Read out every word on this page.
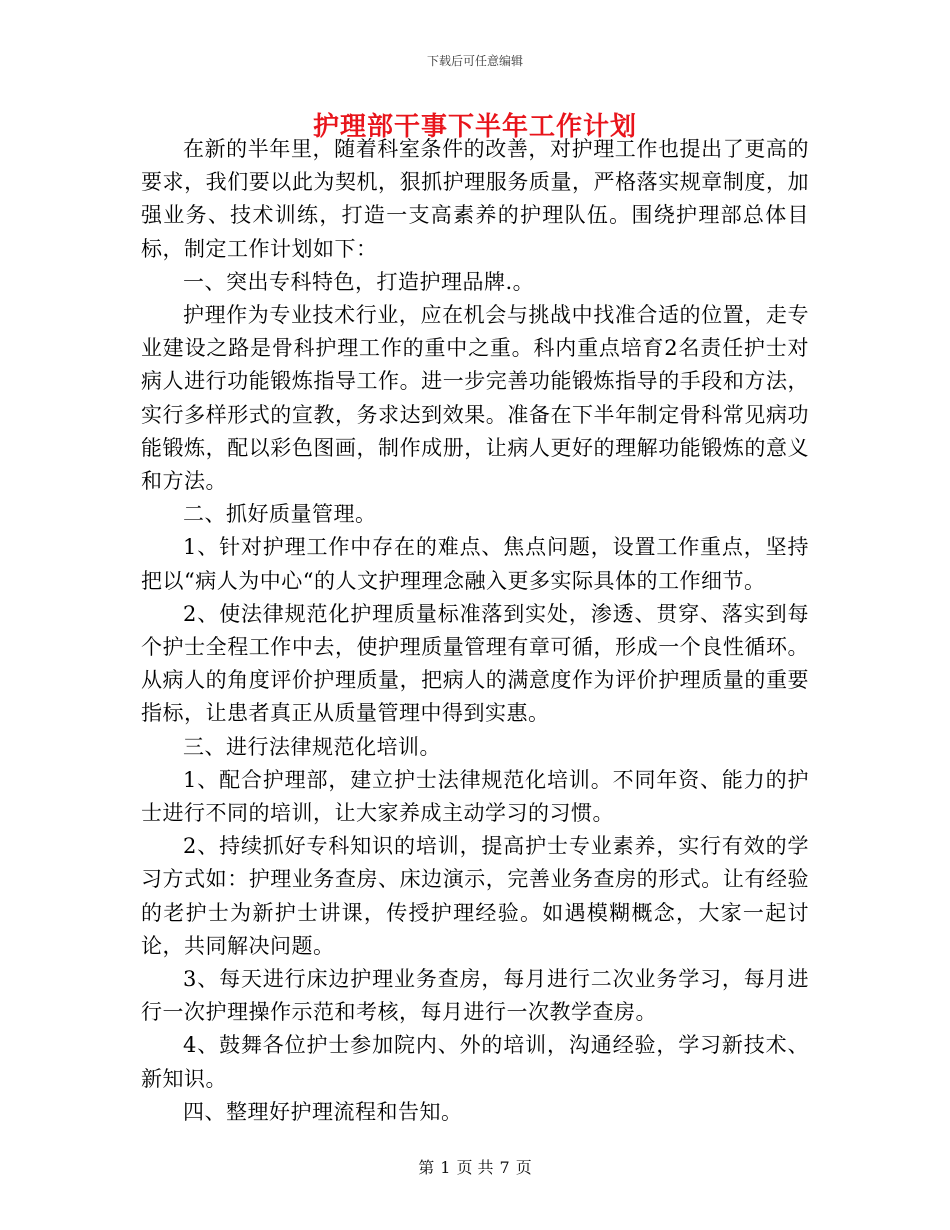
下载后可任意编辑
护理部干事下半年工作计划

在新的半年里，随着科室条件的改善，对护理工作也提出了更高的要求，我们要以此为契机，狠抓护理服务质量，严格落实规章制度，加强业务、技术训练，打造一支高素养的护理队伍。围绕护理部总体目标，制定工作计划如下：

一、突出专科特色，打造护理品牌.。

护理作为专业技术行业，应在机会与挑战中找准合适的位置，走专业建设之路是骨科护理工作的重中之重。科内重点培育2名责任护士对病人进行功能锻炼指导工作。进一步完善功能锻炼指导的手段和方法，实行多样形式的宣教，务求达到效果。准备在下半年制定骨科常见病功能锻炼，配以彩色图画，制作成册，让病人更好的理解功能锻炼的意义和方法。

二、抓好质量管理。

1、针对护理工作中存在的难点、焦点问题，设置工作重点，坚持把以“病人为中心“的人文护理理念融入更多实际具体的工作细节。

2、使法律规范化护理质量标准落到实处，渗透、贯穿、落实到每个护士全程工作中去，使护理质量管理有章可循，形成一个良性循环。从病人的角度评价护理质量，把病人的满意度作为评价护理质量的重要指标，让患者真正从质量管理中得到实惠。

三、进行法律规范化培训。

1、配合护理部，建立护士法律规范化培训。不同年资、能力的护士进行不同的培训，让大家养成主动学习的习惯。

2、持续抓好专科知识的培训，提高护士专业素养，实行有效的学习方式如：护理业务查房、床边演示，完善业务查房的形式。让有经验的老护士为新护士讲课，传授护理经验。如遇模糊概念，大家一起讨论，共同解决问题。

3、每天进行床边护理业务查房，每月进行二次业务学习，每月进行一次护理操作示范和考核，每月进行一次教学查房。

4、鼓舞各位护士参加院内、外的培训，沟通经验，学习新技术、新知识。

四、整理好护理流程和告知。

第 1 页 共 7 页
